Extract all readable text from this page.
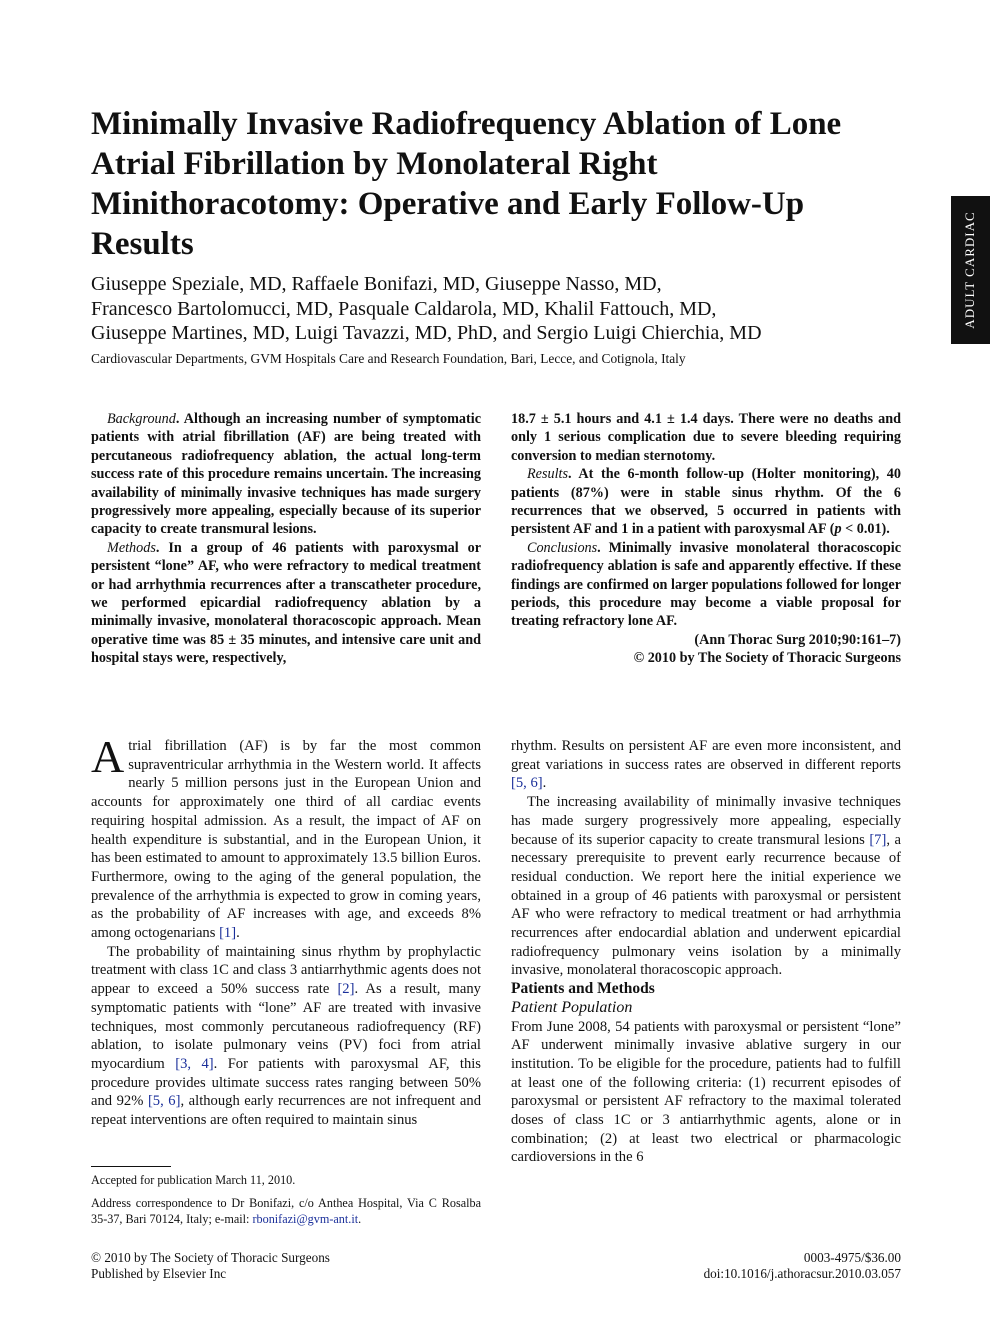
Minimally Invasive Radiofrequency Ablation of Lone Atrial Fibrillation by Monolateral Right Minithoracotomy: Operative and Early Follow-Up Results
Giuseppe Speziale, MD, Raffaele Bonifazi, MD, Giuseppe Nasso, MD,
Francesco Bartolomucci, MD, Pasquale Caldarola, MD, Khalil Fattouch, MD,
Giuseppe Martines, MD, Luigi Tavazzi, MD, PhD, and Sergio Luigi Chierchia, MD
Cardiovascular Departments, GVM Hospitals Care and Research Foundation, Bari, Lecce, and Cotignola, Italy
ADULT CARDIAC

Background. Although an increasing number of symptomatic patients with atrial fibrillation (AF) are being treated with percutaneous radiofrequency ablation, the actual long-term success rate of this procedure remains uncertain. The increasing availability of minimally invasive techniques has made surgery progressively more appealing, especially because of its superior capacity to create transmural lesions.

Methods. In a group of 46 patients with paroxysmal or persistent “lone” AF, who were refractory to medical treatment or had arrhythmia recurrences after a transcatheter procedure, we performed epicardial radiofrequency ablation by a minimally invasive, monolateral thoracoscopic approach. Mean operative time was 85 ± 35 minutes, and intensive care unit and hospital stays were, respectively,

18.7 ± 5.1 hours and 4.1 ± 1.4 days. There were no deaths and only 1 serious complication due to severe bleeding requiring conversion to median sternotomy.

Results. At the 6-month follow-up (Holter monitoring), 40 patients (87%) were in stable sinus rhythm. Of the 6 recurrences that we observed, 5 occurred in patients with persistent AF and 1 in a patient with paroxysmal AF (p < 0.01).

Conclusions. Minimally invasive monolateral thoracoscopic radiofrequency ablation is safe and apparently effective. If these findings are confirmed on larger populations followed for longer periods, this procedure may become a viable proposal for treating refractory lone AF.

(Ann Thorac Surg 2010;90:161–7)

© 2010 by The Society of Thoracic Surgeons

Atrial fibrillation (AF) is by far the most common supraventricular arrhythmia in the Western world. It affects nearly 5 million persons just in the European Union and accounts for approximately one third of all cardiac events requiring hospital admission. As a result, the impact of AF on health expenditure is substantial, and in the European Union, it has been estimated to amount to approximately 13.5 billion Euros. Furthermore, owing to the aging of the general population, the prevalence of the arrhythmia is expected to grow in coming years, as the probability of AF increases with age, and exceeds 8% among octogenarians [1].

The probability of maintaining sinus rhythm by prophylactic treatment with class 1C and class 3 antiarrhythmic agents does not appear to exceed a 50% success rate [2]. As a result, many symptomatic patients with “lone” AF are treated with invasive techniques, most commonly percutaneous radiofrequency (RF) ablation, to isolate pulmonary veins (PV) foci from atrial myocardium [3, 4]. For patients with paroxysmal AF, this procedure provides ultimate success rates ranging between 50% and 92% [5, 6], although early recurrences are not infrequent and repeat interventions are often required to maintain sinus

rhythm. Results on persistent AF are even more inconsistent, and great variations in success rates are observed in different reports [5, 6].

The increasing availability of minimally invasive techniques has made surgery progressively more appealing, especially because of its superior capacity to create transmural lesions [7], a necessary prerequisite to prevent early recurrence because of residual conduction. We report here the initial experience we obtained in a group of 46 patients with paroxysmal or persistent AF who were refractory to medical treatment or had arrhythmia recurrences after endocardial ablation and underwent epicardial radiofrequency pulmonary veins isolation by a minimally invasive, monolateral thoracoscopic approach.

Patients and Methods

Patient Population

From June 2008, 54 patients with paroxysmal or persistent “lone” AF underwent minimally invasive ablative surgery in our institution. To be eligible for the procedure, patients had to fulfill at least one of the following criteria: (1) recurrent episodes of paroxysmal or persistent AF refractory to the maximal tolerated doses of class 1C or 3 antiarrhythmic agents, alone or in combination; (2) at least two electrical or pharmacologic cardioversions in the 6

Accepted for publication March 11, 2010.

Address correspondence to Dr Bonifazi, c/o Anthea Hospital, Via C Rosalba 35-37, Bari 70124, Italy; e-mail: rbonifazi@gvm-ant.it.

© 2010 by The Society of Thoracic Surgeons
Published by Elsevier Inc
0003-4975/$36.00
doi:10.1016/j.athoracsur.2010.03.057
